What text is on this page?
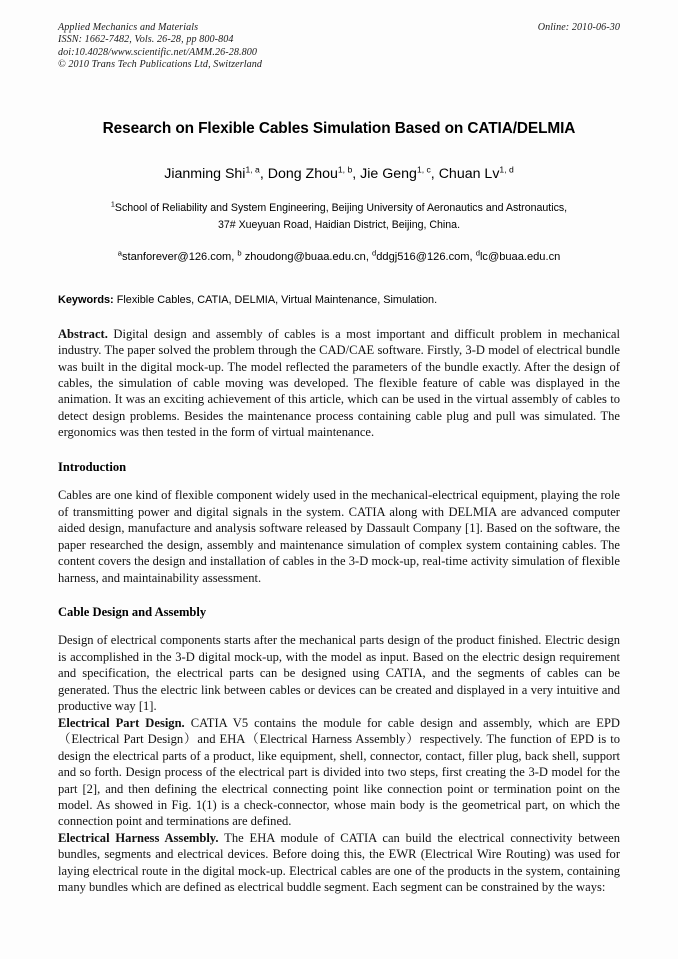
Applied Mechanics and Materials
ISSN: 1662-7482, Vols. 26-28, pp 800-804
doi:10.4028/www.scientific.net/AMM.26-28.800
© 2010 Trans Tech Publications Ltd, Switzerland
Online: 2010-06-30
Research on Flexible Cables Simulation Based on CATIA/DELMIA
Jianming Shi$^{1, a}$, Dong Zhou$^{1, b}$, Jie Geng$^{1, c}$, Chuan Lv$^{1, d}$
$^1$School of Reliability and System Engineering, Beijing University of Aeronautics and Astronautics,
37# Xueyuan Road, Haidian District, Beijing, China.
$^a$stanforever@126.com, $^b$ zhoudong@buaa.edu.cn, $^d$ddgj516@126.com, $^d$lc@buaa.edu.cn
Keywords: Flexible Cables, CATIA, DELMIA, Virtual Maintenance, Simulation.

Abstract. Digital design and assembly of cables is a most important and difficult problem in mechanical industry. The paper solved the problem through the CAD/CAE software. Firstly, 3-D model of electrical bundle was built in the digital mock-up. The model reflected the parameters of the bundle exactly. After the design of cables, the simulation of cable moving was developed. The flexible feature of cable was displayed in the animation. It was an exciting achievement of this article, which can be used in the virtual assembly of cables to detect design problems. Besides the maintenance process containing cable plug and pull was simulated. The ergonomics was then tested in the form of virtual maintenance.

Introduction

Cables are one kind of flexible component widely used in the mechanical-electrical equipment, playing the role of transmitting power and digital signals in the system. CATIA along with DELMIA are advanced computer aided design, manufacture and analysis software released by Dassault Company [1]. Based on the software, the paper researched the design, assembly and maintenance simulation of complex system containing cables. The content covers the design and installation of cables in the 3-D mock-up, real-time activity simulation of flexible harness, and maintainability assessment.

Cable Design and Assembly

Design of electrical components starts after the mechanical parts design of the product finished. Electric design is accomplished in the 3-D digital mock-up, with the model as input. Based on the electric design requirement and specification, the electrical parts can be designed using CATIA, and the segments of cables can be generated. Thus the electric link between cables or devices can be created and displayed in a very intuitive and productive way [1].

Electrical Part Design. CATIA V5 contains the module for cable design and assembly, which are EPD（Electrical Part Design）and EHA（Electrical Harness Assembly）respectively. The function of EPD is to design the electrical parts of a product, like equipment, shell, connector, contact, filler plug, back shell, support and so forth. Design process of the electrical part is divided into two steps, first creating the 3-D model for the part [2], and then defining the electrical connecting point like connection point or termination point on the model. As showed in Fig. 1(1) is a check-connector, whose main body is the geometrical part, on which the connection point and terminations are defined.

Electrical Harness Assembly. The EHA module of CATIA can build the electrical connectivity between bundles, segments and electrical devices. Before doing this, the EWR (Electrical Wire Routing) was used for laying electrical route in the digital mock-up. Electrical cables are one of the products in the system, containing many bundles which are defined as electrical buddle segment. Each segment can be constrained by the ways:
